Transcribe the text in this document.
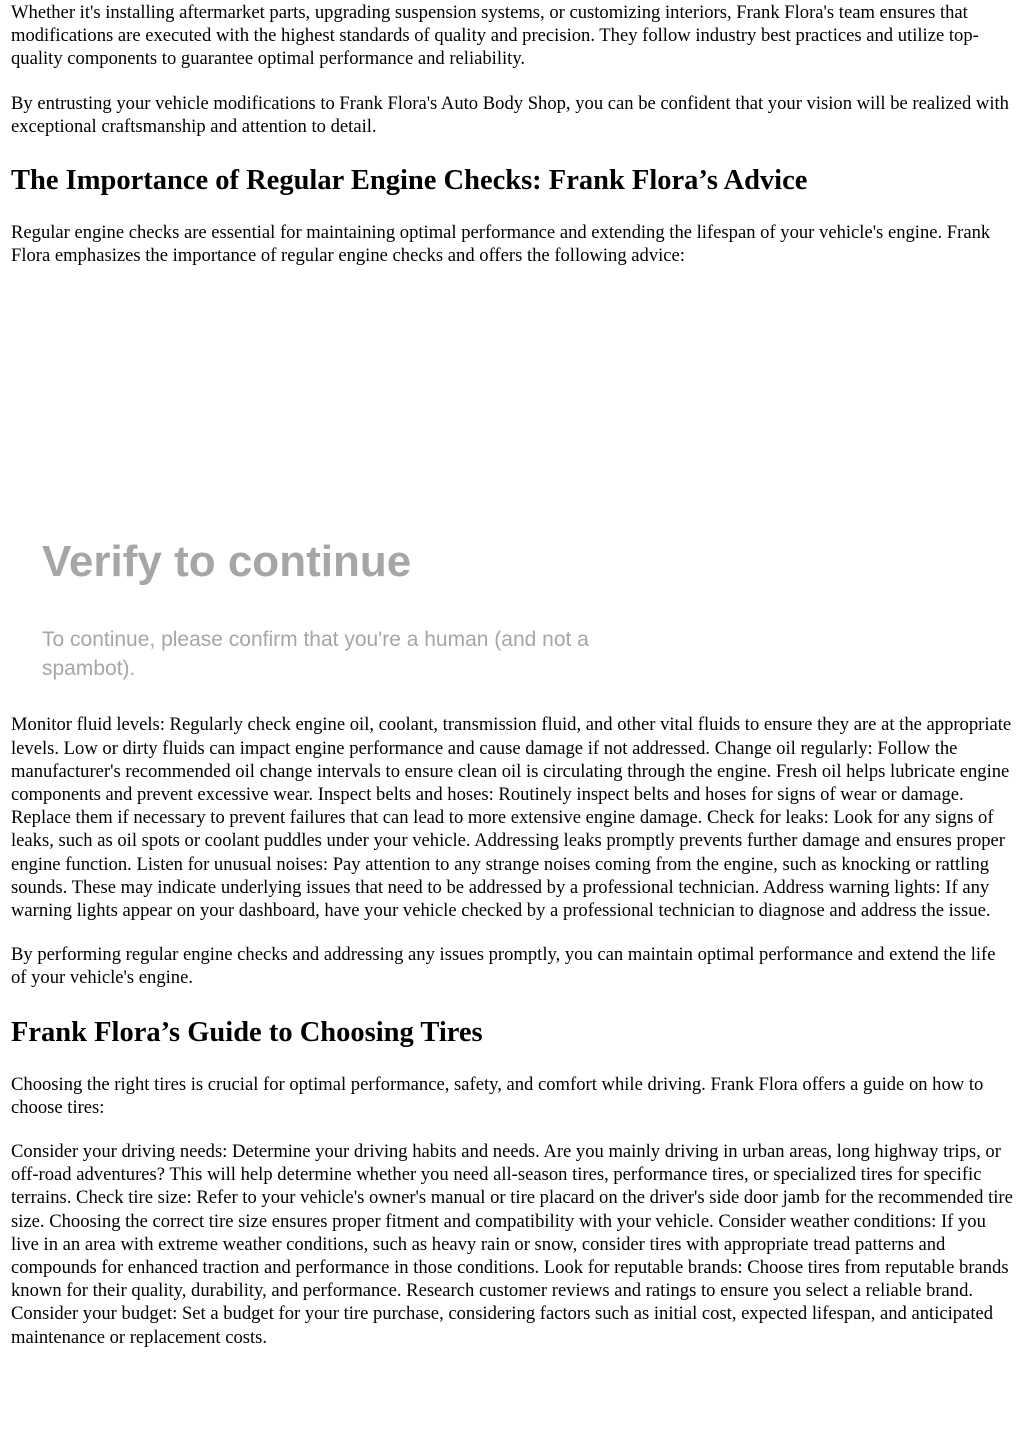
Whether it's installing aftermarket parts, upgrading suspension systems, or customizing interiors, Frank Flora's team ensures that modifications are executed with the highest standards of quality and precision. They follow industry best practices and utilize top-quality components to guarantee optimal performance and reliability.

By entrusting your vehicle modifications to Frank Flora's Auto Body Shop, you can be confident that your vision will be realized with exceptional craftsmanship and attention to detail.

The Importance of Regular Engine Checks: Frank Flora’s Advice

Regular engine checks are essential for maintaining optimal performance and extending the lifespan of your vehicle's engine. Frank Flora emphasizes the importance of regular engine checks and offers the following advice:

Verify to continue

To continue, please confirm that you're a human (and not a spambot).

Monitor fluid levels: Regularly check engine oil, coolant, transmission fluid, and other vital fluids to ensure they are at the appropriate levels. Low or dirty fluids can impact engine performance and cause damage if not addressed. Change oil regularly: Follow the manufacturer's recommended oil change intervals to ensure clean oil is circulating through the engine. Fresh oil helps lubricate engine components and prevent excessive wear. Inspect belts and hoses: Routinely inspect belts and hoses for signs of wear or damage. Replace them if necessary to prevent failures that can lead to more extensive engine damage. Check for leaks: Look for any signs of leaks, such as oil spots or coolant puddles under your vehicle. Addressing leaks promptly prevents further damage and ensures proper engine function. Listen for unusual noises: Pay attention to any strange noises coming from the engine, such as knocking or rattling sounds. These may indicate underlying issues that need to be addressed by a professional technician. Address warning lights: If any warning lights appear on your dashboard, have your vehicle checked by a professional technician to diagnose and address the issue.

By performing regular engine checks and addressing any issues promptly, you can maintain optimal performance and extend the life of your vehicle's engine.

Frank Flora’s Guide to Choosing Tires

Choosing the right tires is crucial for optimal performance, safety, and comfort while driving. Frank Flora offers a guide on how to choose tires:

Consider your driving needs: Determine your driving habits and needs. Are you mainly driving in urban areas, long highway trips, or off-road adventures? This will help determine whether you need all-season tires, performance tires, or specialized tires for specific terrains. Check tire size: Refer to your vehicle's owner's manual or tire placard on the driver's side door jamb for the recommended tire size. Choosing the correct tire size ensures proper fitment and compatibility with your vehicle. Consider weather conditions: If you live in an area with extreme weather conditions, such as heavy rain or snow, consider tires with appropriate tread patterns and compounds for enhanced traction and performance in those conditions. Look for reputable brands: Choose tires from reputable brands known for their quality, durability, and performance. Research customer reviews and ratings to ensure you select a reliable brand. Consider your budget: Set a budget for your tire purchase, considering factors such as initial cost, expected lifespan, and anticipated maintenance or replacement costs.
